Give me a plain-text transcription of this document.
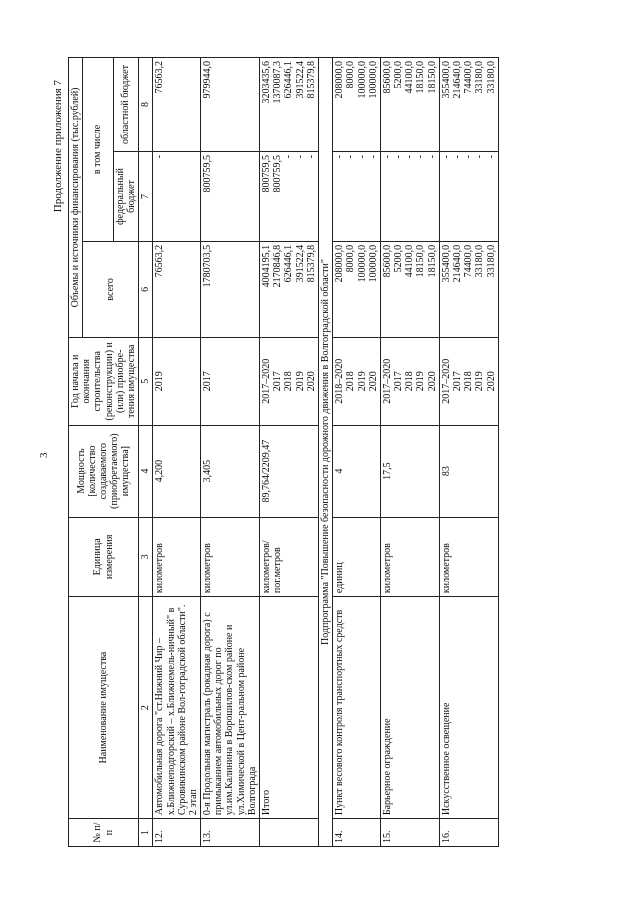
3
Продолжение приложения 7
№ п/п	Наименование имущества	Единица измерения	Мощность [количество создаваемого (приобретаемого) имущества]	Год начала и окончания строительства (реконструкции) и (или) приобре-тения имущества	Объемы и источники финансирования (тыс.рублей)		
					всего	в том числе	
						федеральный бюджет	областной бюджет
1	2	3	4	5	6	7	8
12.	Автомобильная дорога "ст.Нижний Чир – х.Ближнеподгорский – х.Ближнемель-ничный" в Суровикинском районе Вол-гоградской области". 2 этап	километров	4,200	2019	76563,2	-	76563,2

13.	0-я Продольная магистраль (рокадная дорога) с примыканием автомобильных дорог по ул.им.Калинина в Ворошилов-ском районе и ул.Химической в Цент-ральном районе Волгограда	километров	3,405	2017	1780703,5	800759,5	979944,0

	Итого	километров/ пог.метров	89,764/2209,47	2017–2020 2017 2018 2019 2020	4004195,1 2170846,8 626446,1 391522,4 815379,8	800759,5 800759,5 - - -	3203435,6 1370087,3 626446,1 391522,4 815379,8

Подпрограмма "Повышение безопасности дорожного движения в Волгоградской области"							
14.	Пункт весового контроля транспортных средств	единиц	4	2018–2020 2018 2019 2020	208000,0 8000,0 100000,0 100000,0	- - - -	208000,0 8000,0 100000,0 100000,0

15.	Барьерное ограждение	километров	17,5	2017–2020 2017 2018 2019 2020	85600,0 5200,0 44100,0 18150,0 18150,0	- - - - -	85600,0 5200,0 44100,0 18150,0 18150,0

16.	Искусственное освещение	километров	83	2017–2020 2017 2018 2019 2020	355400,0 214640,0 74400,0 33180,0 33180,0	- - - - -	355400,0 214640,0 74400,0 33180,0 33180,0
